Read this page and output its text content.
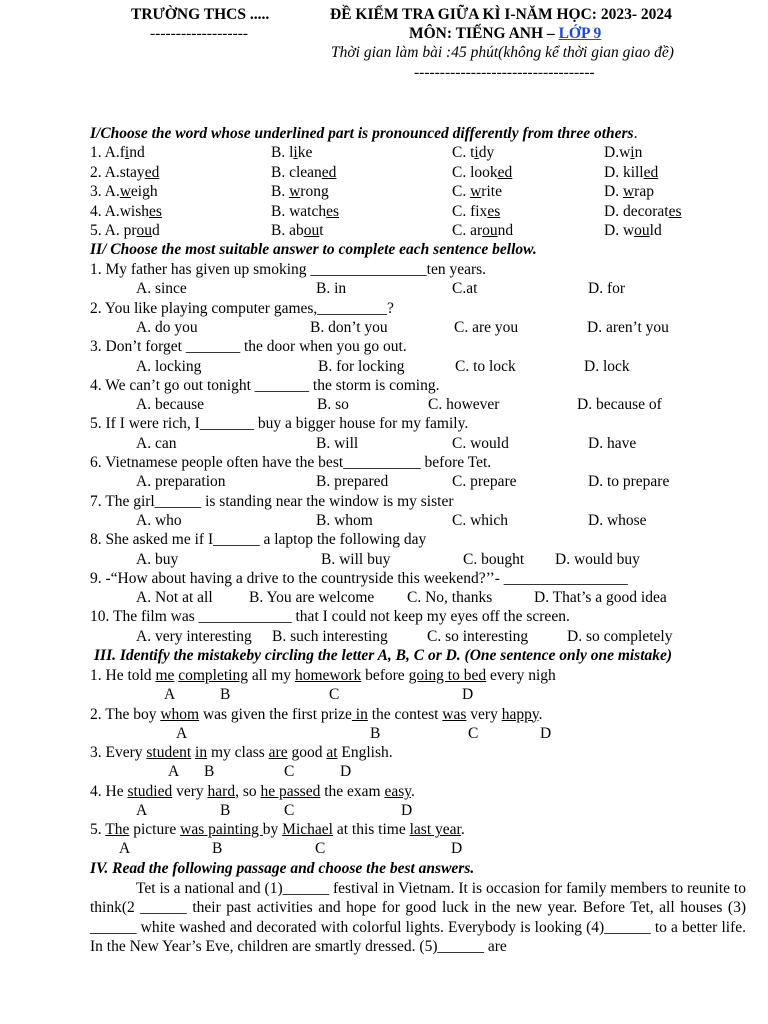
TRƯỜNG THCS .....
-------------------
ĐỀ KIỂM TRA GIỮA KÌ I-NĂM HỌC: 2023- 2024
MÔN: TIẾNG ANH – LỚP 9
Thời gian làm bài :45 phút(không kể thời gian giao đề)
-----------------------------------
I/Choose the word whose underlined part is pronounced differently from three others.
1. A.find	B. like	C. tidy	D.win
2. A.stayed	B. cleaned	C. looked	D. killed
3. A.weigh	B. wrong	C. write	D. wrap
4. A.wishes	B. watches	C. fixes	D. decorates
5. A. proud	B. about	C. around	D. would
II/ Choose the most suitable answer to complete each sentence bellow.
1. My father has given up smoking _______________ten years.
A. since	B. in	C.at	D. for
2. You like playing computer games,_________?
A. do you	B. don’t you	C. are you	D. aren’t you
3. Don’t forget _______ the door when you go out.
A. locking	B. for locking	C. to lock	D. lock
4. We can’t go out tonight _______ the storm is coming.
A. because	B. so	C. however	D. because of
5. If I were rich, I_______ buy a bigger house for my family.
A. can	B. will	C. would	D. have
6. Vietnamese people often have the best__________ before Tet.
A. preparation	B. prepared	C. prepare	D. to prepare
7. The girl______ is standing near the window is my sister
A. who	B. whom	C. which	D. whose
8. She asked me if I______ a laptop the following day
A. buy	B. will buy	C. bought D. would buy
9. -“How about having a drive to the countryside this weekend?’’- ________________
A. Not at all B. You are welcome C. No, thanks	D. That’s a good idea
10. The film was ____________ that I could not keep my eyes off the screen.
A. very interesting B. such interesting	C. so interesting	D. so completely
III. Identify the mistakeby circling the letter A, B, C or D. (One sentence only one mistake)
1. He told me completing all my homework before going to bed every nigh
A	B	C	D
2. The boy whom was given the first prize in the contest was very happy.
A	B	C	D
3. Every student in my class are good at English.
A B	C	D
4. He studied very hard, so he passed the exam easy.
A	B	C	D
5. The picture was painting by Michael at this time last year.
A	B	C	D
IV. Read the following passage and choose the best answers.
Tet is a national and (1)______ festival in Vietnam. It is occasion for family members to reunite to think(2 ______ their past activities and hope for good luck in the new year. Before Tet, all houses (3) ______ white washed and decorated with colorful lights. Everybody is looking (4)______ to a better life. In the New Year’s Eve, children are smartly dressed. (5)______ are
